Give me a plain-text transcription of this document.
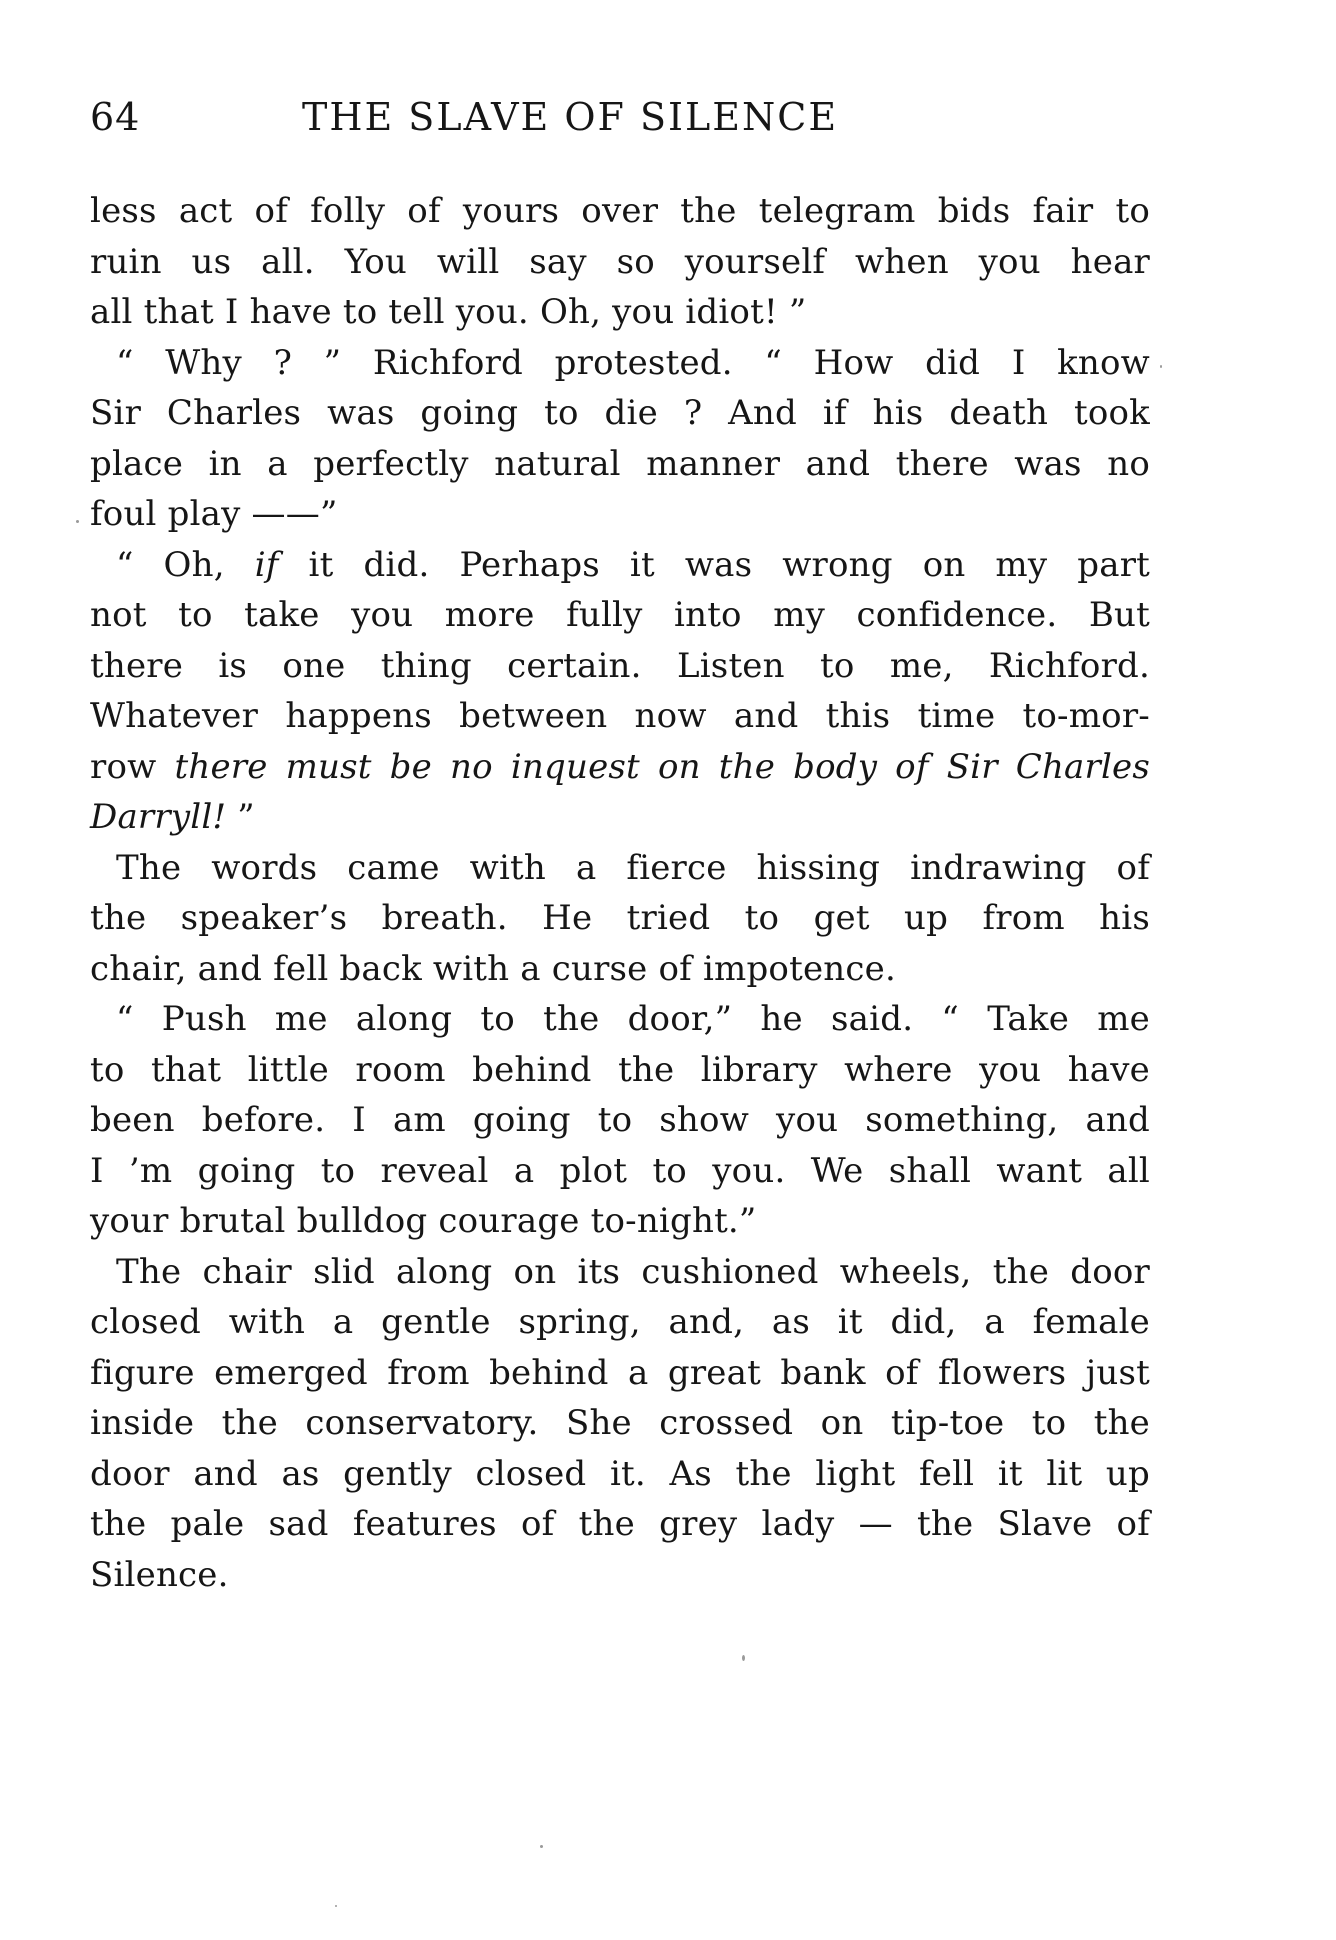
64	THE SLAVE OF SILENCE
less act of folly of yours over the telegram bids fair to
ruin us all. You will say so yourself when you hear
all that I have to tell you. Oh, you idiot! ”
“ Why ? ” Richford protested. “ How did I know
Sir Charles was going to die ? And if his death took
place in a perfectly natural manner and there was no
foul play ——”
“ Oh, if it did. Perhaps it was wrong on my part
not to take you more fully into my confidence. But
there is one thing certain. Listen to me, Richford.
Whatever happens between now and this time to-mor-
row there must be no inquest on the body of Sir Charles
Darryll! ”
The words came with a fierce hissing indrawing of
the speaker’s breath. He tried to get up from his
chair, and fell back with a curse of impotence.
“ Push me along to the door,” he said. “ Take me
to that little room behind the library where you have
been before. I am going to show you something, and
I ’m going to reveal a plot to you. We shall want all
your brutal bulldog courage to-night.”
The chair slid along on its cushioned wheels, the door
closed with a gentle spring, and, as it did, a female
figure emerged from behind a great bank of flowers just
inside the conservatory. She crossed on tip-toe to the
door and as gently closed it. As the light fell it lit up
the pale sad features of the grey lady — the Slave of
Silence.
